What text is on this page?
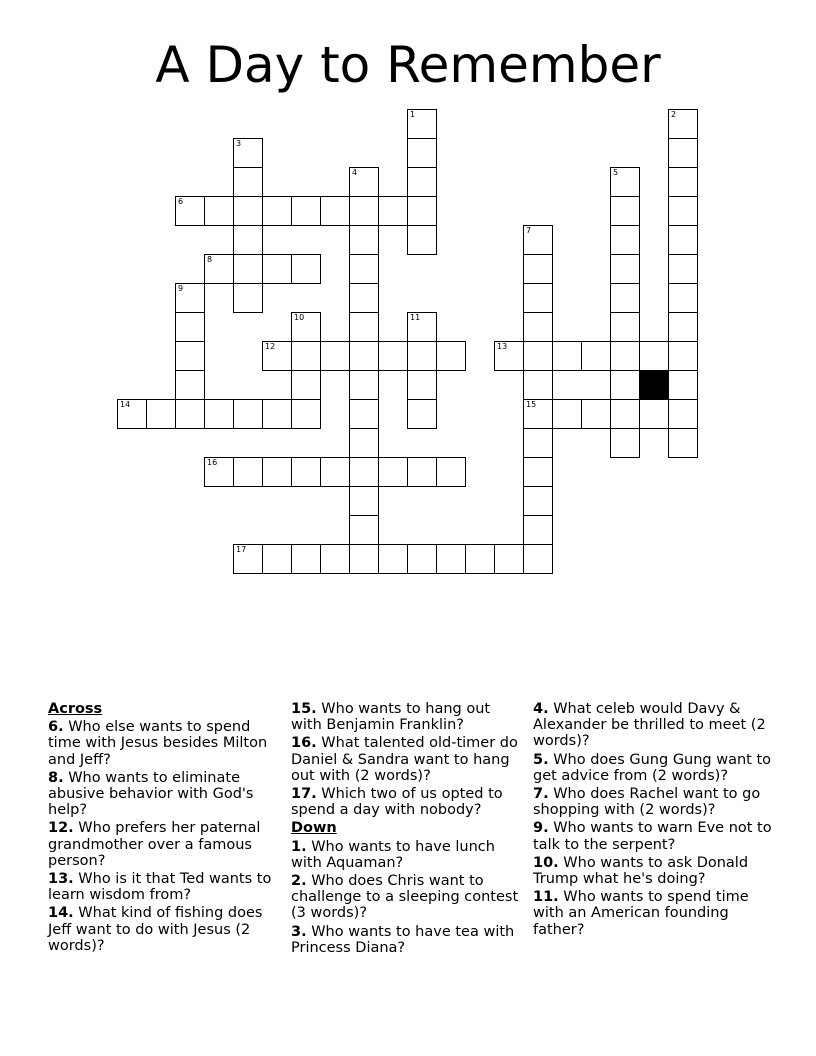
A Day to Remember
1	2
3
4	5
6
7
8
9
10	11
12	13
14	15
16
17
Across
6. Who else wants to spend time with Jesus besides Milton and Jeff?
8. Who wants to eliminate abusive behavior with God's help?
12. Who prefers her paternal grandmother over a famous person?
13. Who is it that Ted wants to learn wisdom from?
14. What kind of fishing does Jeff want to do with Jesus (2 words)?
15. Who wants to hang out with Benjamin Franklin?
16. What talented old-timer do Daniel & Sandra want to hang out with (2 words)?
17. Which two of us opted to spend a day with nobody?
Down
1. Who wants to have lunch with Aquaman?
2. Who does Chris want to challenge to a sleeping contest (3 words)?
3. Who wants to have tea with Princess Diana?
4. What celeb would Davy & Alexander be thrilled to meet (2 words)?
5. Who does Gung Gung want to get advice from (2 words)?
7. Who does Rachel want to go shopping with (2 words)?
9. Who wants to warn Eve not to talk to the serpent?
10. Who wants to ask Donald Trump what he's doing?
11. Who wants to spend time with an American founding father?
